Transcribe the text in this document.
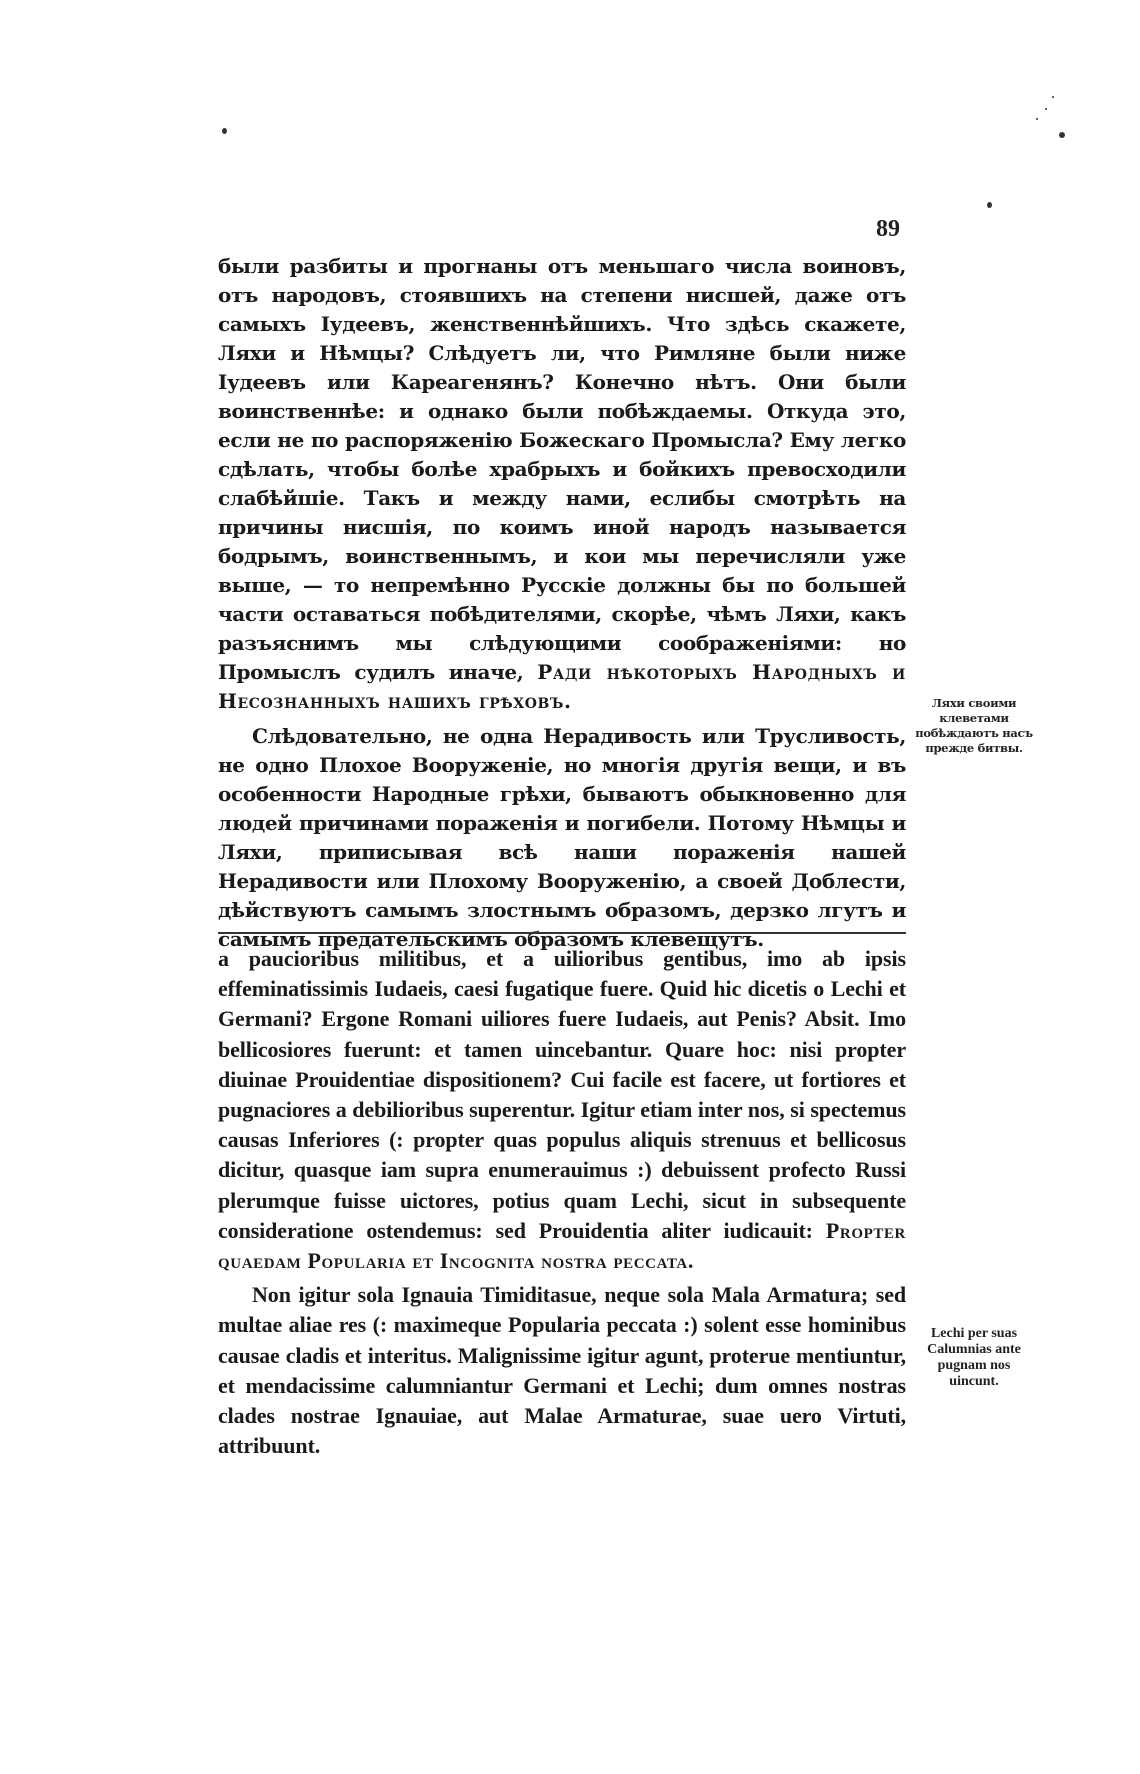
89

были разбиты и прогнаны отъ меньшаго числа воиновъ, отъ народовъ, стоявшихъ на степени нисшей, даже отъ самыхъ Іудеевъ, женственнѣйшихъ. Что здѣсь скажете, Ляхи и Нѣмцы? Слѣдуетъ ли, что Римляне были ниже Іудеевъ или Кареагенянъ? Конечно нѣтъ. Они были воинственнѣе: и однако были побѣждаемы. Откуда это, если не по распоряженію Божескаго Промысла? Ему легко сдѣлать, чтобы болѣе храбрыхъ и бойкихъ превосходили слабѣйшіе. Такъ и между нами, еслибы смотрѣть на причины нисшія, по коимъ иной народъ называется бодрымъ, воинственнымъ, и кои мы перечисляли уже выше, — то непремѣнно Русскіе должны бы по большей части оставаться побѣдителями, скорѣе, чѣмъ Ляхи, какъ разъяснимъ мы слѣдующими соображеніями: но Промыслъ судилъ иначе, Ради нѣкоторыхъ Народныхъ и Несознанныхъ нашихъ грѣховъ.

Слѣдовательно, не одна Нерадивость или Трусливость, не одно Плохое Вооруженіе, но многія другія вещи, и въ особенности Народные грѣхи, бываютъ обыкновенно для людей причинами пораженія и погибели. Потому Нѣмцы и Ляхи, приписывая всѣ наши пораженія нашей Нерадивости или Плохому Вооруженію, а своей Доблести, дѣйствуютъ самымъ злостнымъ образомъ, дерзко лгутъ и самымъ предательскимъ образомъ клевещутъ.

Ляхи своими клеветами побѣждаютъ насъ прежде битвы.

a paucioribus militibus, et a uilioribus gentibus, imo ab ipsis effeminatissimis Iudaeis, caesi fugatique fuere. Quid hic dicetis o Lechi et Germani? Ergone Romani uiliores fuere Iudaeis, aut Penis? Absit. Imo bellicosiores fuerunt: et tamen uincebantur. Quare hoc: nisi propter diuinae Prouidentiae dispositionem? Cui facile est facere, ut fortiores et pugnaciores a debilioribus superentur. Igitur etiam inter nos, si spectemus causas Inferiores (: propter quas populus aliquis strenuus et bellicosus dicitur, quasque iam supra enumerauimus :) debuissent profecto Russi plerumque fuisse uictores, potius quam Lechi, sicut in subsequente consideratione ostendemus: sed Prouidentia aliter iudicauit: Propter quaedam Popularia et Incognita nostra peccata.

Non igitur sola Ignauia Timiditasue, neque sola Mala Armatura; sed multae aliae res (: maximeque Popularia peccata :) solent esse hominibus causae cladis et interitus. Malignissime igitur agunt, proterue mentiuntur, et mendacissime calumniantur Germani et Lechi; dum omnes nostras clades nostrae Ignauiae, aut Malae Armaturae, suae uero Virtuti, attribuunt.

Lechi per suas Calumnias ante pugnam nos uincunt.
